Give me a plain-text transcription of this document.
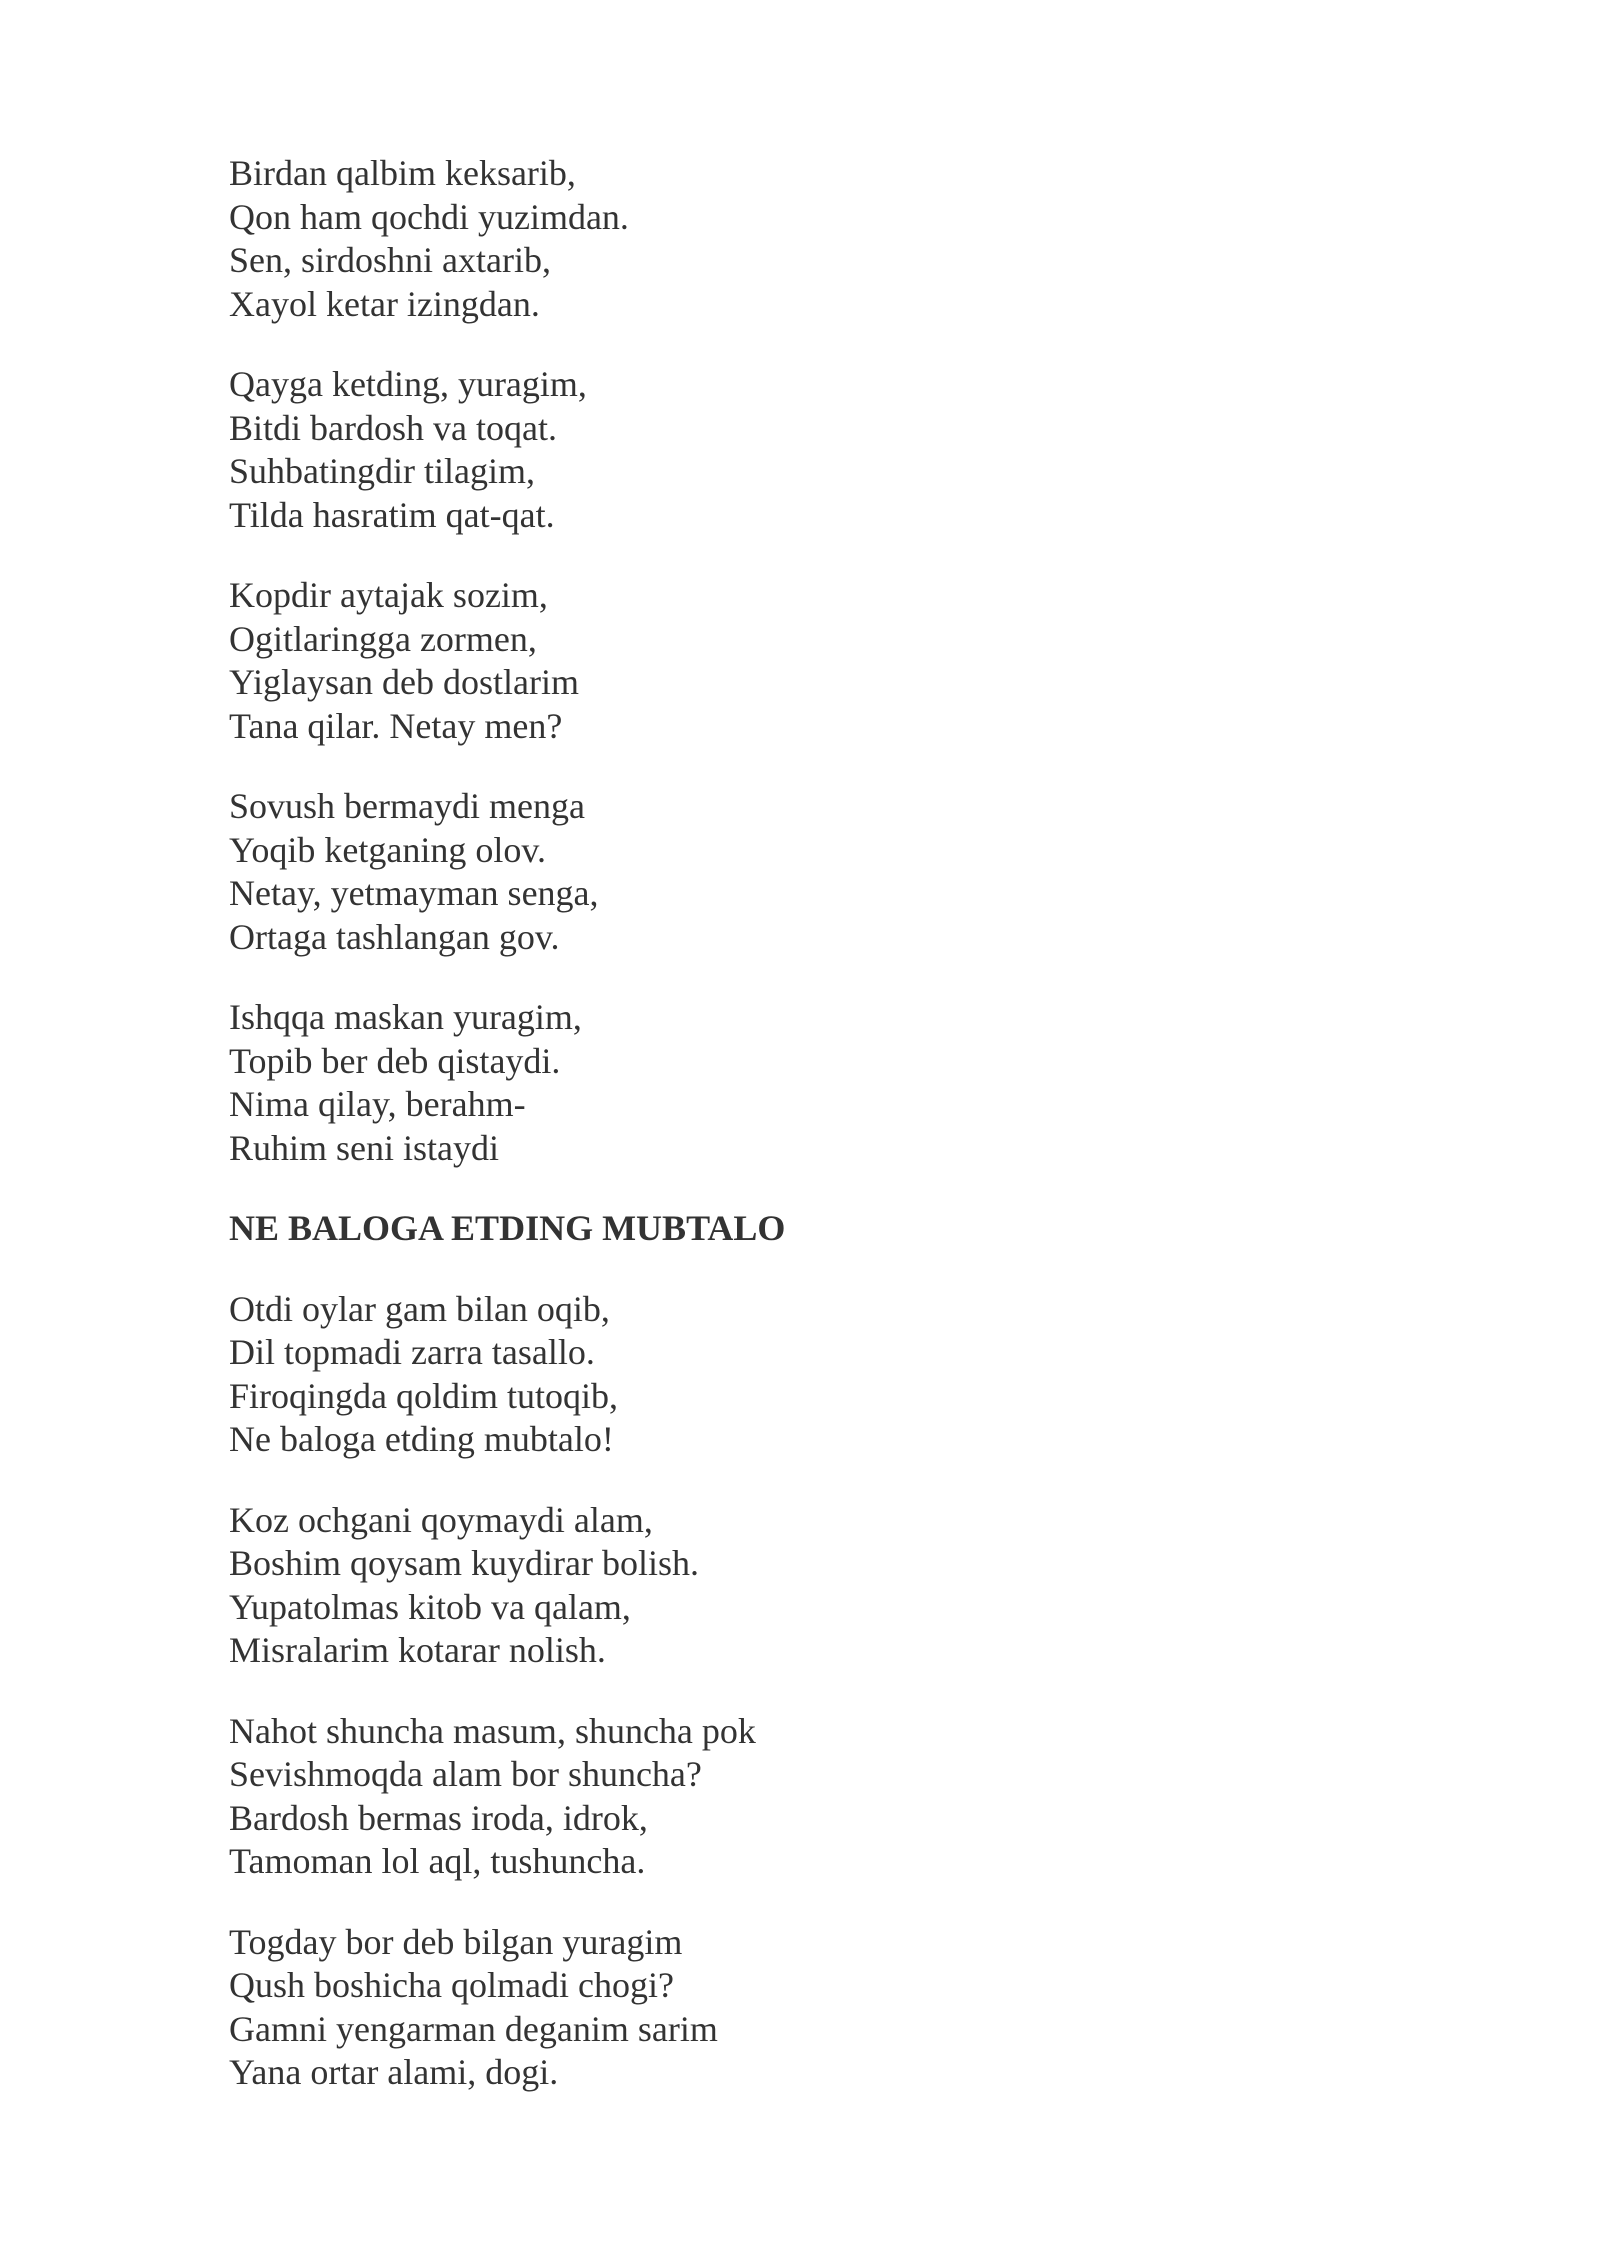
Birdan qalbim keksarib,
Qon ham qochdi yuzimdan.
Sen, sirdoshni axtarib,
Xayol ketar izingdan.
Qayga ketding, yuragim,
Bitdi bardosh va toqat.
Suhbatingdir tilagim,
Tilda hasratim qat-qat.
Kopdir aytajak sozim,
Ogitlaringga zormen,
Yiglaysan deb dostlarim
Tana qilar. Netay men?
Sovush bermaydi menga
Yoqib ketganing olov.
Netay, yetmayman senga,
Ortaga tashlangan gov.
Ishqqa maskan yuragim,
Topib ber deb qistaydi.
Nima qilay, berahm-
Ruhim seni istaydi
NE BALOGA ETDING MUBTALO
Otdi oylar gam bilan oqib,
Dil topmadi zarra tasallo.
Firoqingda qoldim tutoqib,
Ne baloga etding mubtalo!
Koz ochgani qoymaydi alam,
Boshim qoysam kuydirar bolish.
Yupatolmas kitob va qalam,
Misralarim kotarar nolish.
Nahot shuncha masum, shuncha pok
Sevishmoqda alam bor shuncha?
Bardosh bermas iroda, idrok,
Tamoman lol aql, tushuncha.
Togday bor deb bilgan yuragim
Qush boshicha qolmadi chogi?
Gamni yengarman deganim sarim
Yana ortar alami, dogi.
